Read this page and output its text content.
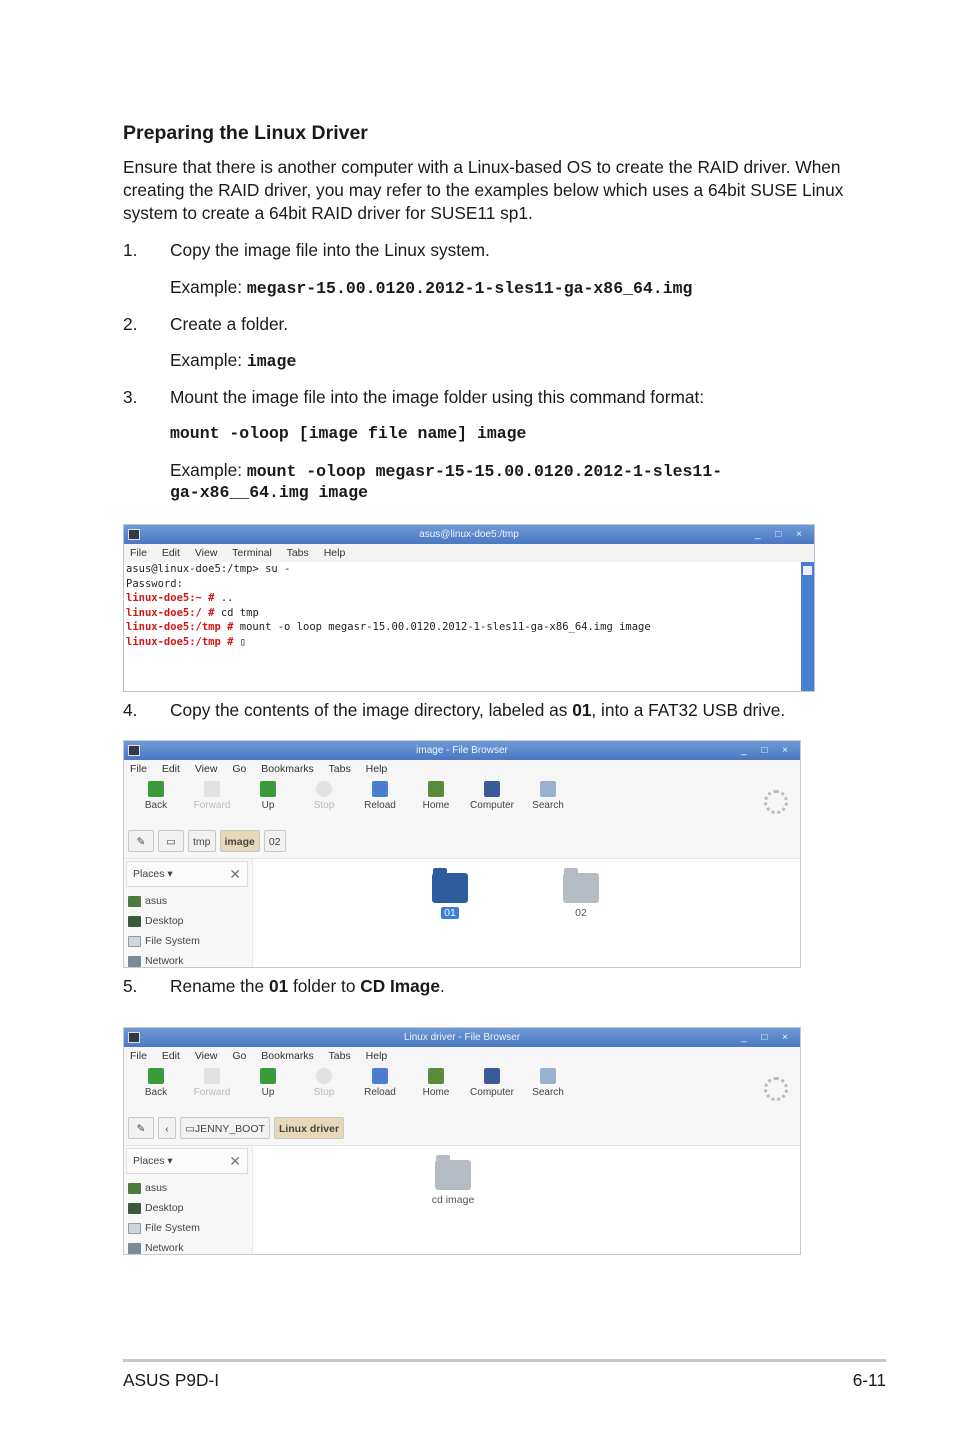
Preparing the Linux Driver
Ensure that there is another computer with a Linux-based OS to create the RAID driver. When creating the RAID driver, you may refer to the examples below which uses a 64bit SUSE Linux system to create a 64bit RAID driver for SUSE11 sp1.
1. Copy the image file into the Linux system.
Example: megasr-15.00.0120.2012-1-sles11-ga-x86_64.img
2. Create a folder.
Example: image
3. Mount the image file into the image folder using this command format:
mount -oloop [image file name] image
Example: mount -oloop megasr-15-15.00.0120.2012-1-sles11-
ga-x86__64.img image
asus@linux-doe5:/tmp	_ □ ×
File Edit View Terminal Tabs Help
asus@linux-doe5:/tmp> su -
Password:
linux-doe5:~ # ..
linux-doe5:/ # cd tmp
linux-doe5:/tmp # mount -o loop megasr-15.00.0120.2012-1-sles11-ga-x86_64.img image
linux-doe5:/tmp # ▯
4. Copy the contents of the image directory, labeled as 01, into a FAT32 USB drive.
image - File Browser	_ □ ×
File Edit View Go Bookmarks Tabs Help
Back	Forward	Up	Stop	Reload	Home	Computer	Search
✎	▭	tmp	image	02
Places ▾	✕
asus
Desktop
File System
Network
01	02
5. Rename the 01 folder to CD Image.
Linux driver - File Browser	_ □ ×
File Edit View Go Bookmarks Tabs Help
Back	Forward	Up	Stop	Reload	Home	Computer	Search
✎	‹	▭JENNY_BOOT	Linux driver
Places ▾	✕
asus
Desktop
File System
Network
cd image
ASUS P9D-I	6-11
